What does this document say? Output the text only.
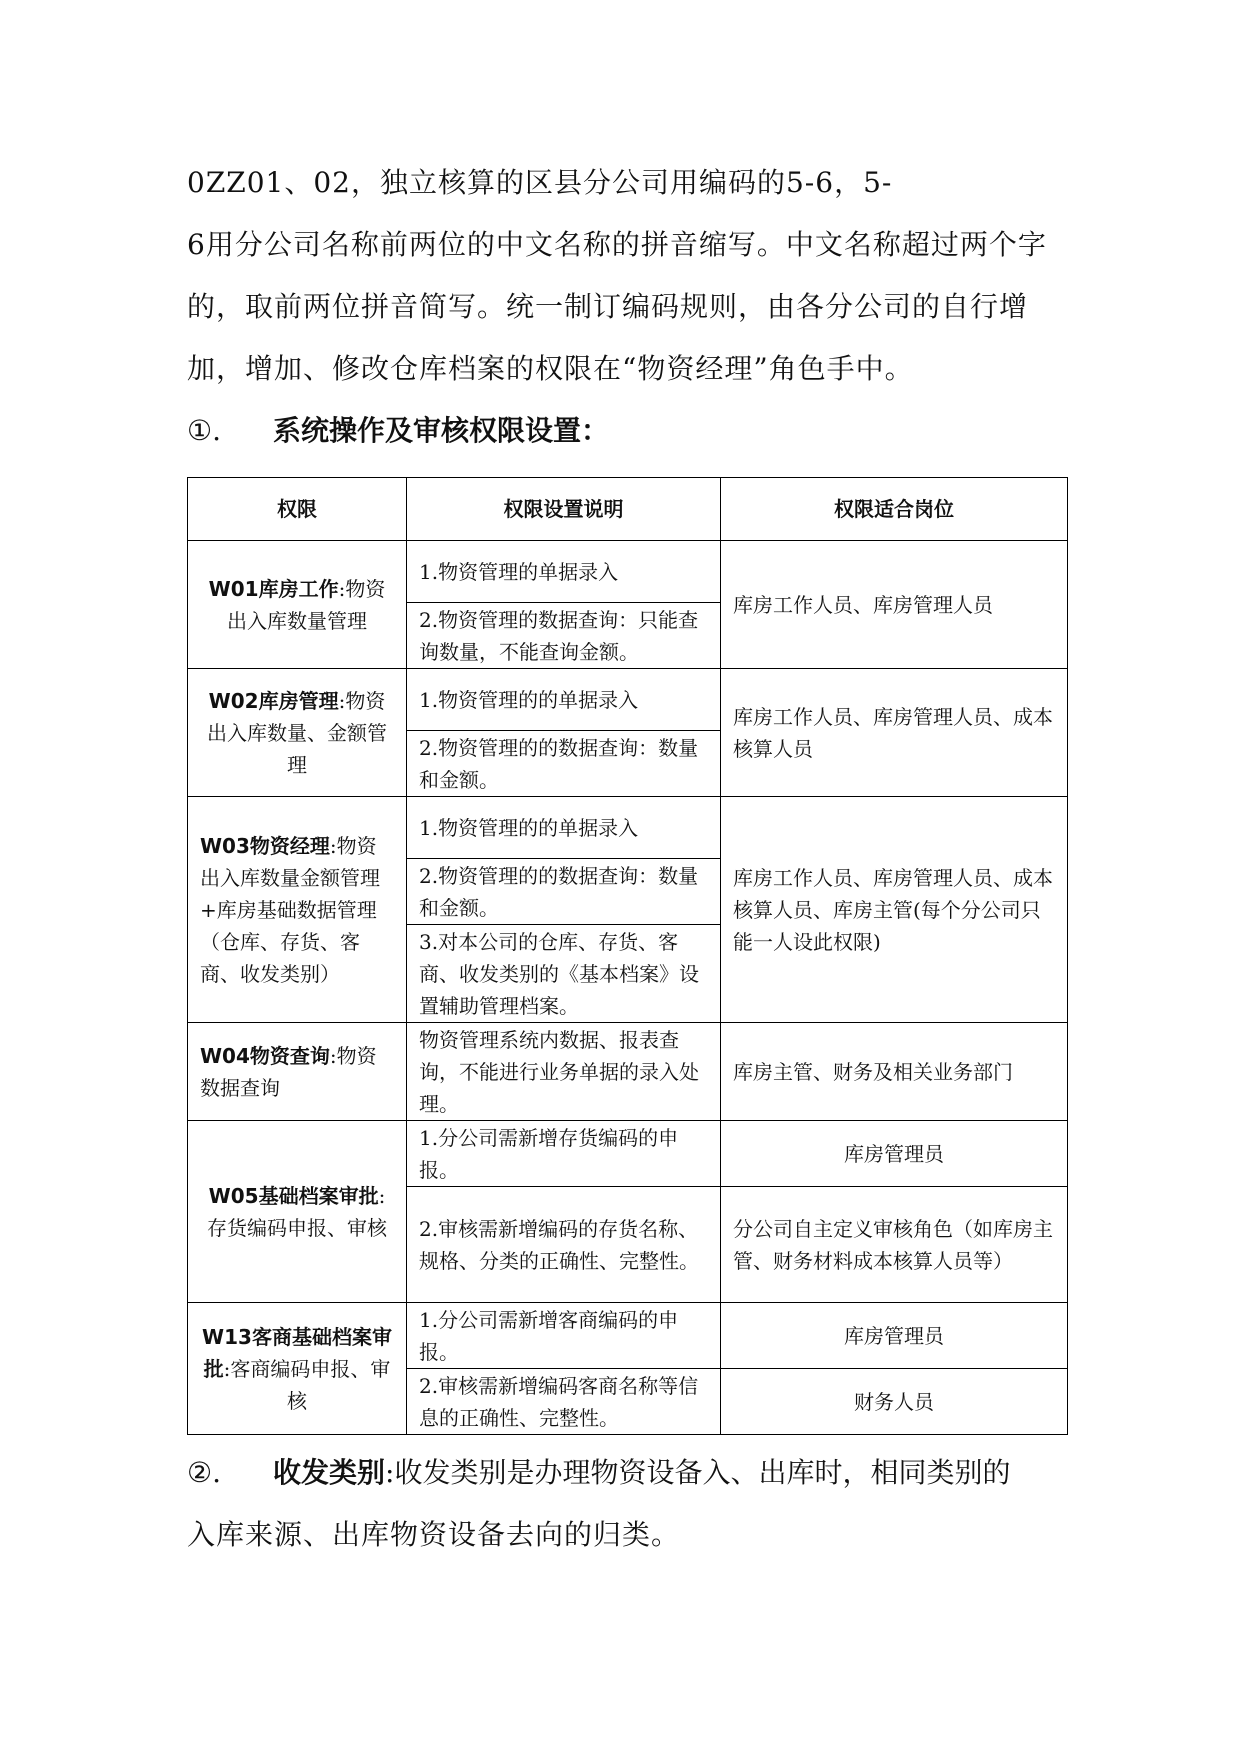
0ZZ01、02，独立核算的区县分公司用编码的5-6，5-
6用分公司名称前两位的中文名称的拼音缩写。中文名称超过两个字
的，取前两位拼音简写。统一制订编码规则，由各分公司的自行增
加，增加、修改仓库档案的权限在“物资经理”角色手中。
①. 系统操作及审核权限设置：
权限	权限设置说明	权限适合岗位
W01库房工作:物资出入库数量管理	1.物资管理的单据录入	库房工作人员、库房管理人员
	2.物资管理的数据查询：只能查询数量，不能查询金额。	
W02库房管理:物资出入库数量、金额管理	1.物资管理的的单据录入	库房工作人员、库房管理人员、成本核算人员
	2.物资管理的的数据查询：数量和金额。	
W03物资经理:物资出入库数量金额管理+库房基础数据管理（仓库、存货、客商、收发类别）	1.物资管理的的单据录入	库房工作人员、库房管理人员、成本核算人员、库房主管(每个分公司只能一人设此权限)
	2.物资管理的的数据查询：数量和金额。	
	3.对本公司的仓库、存货、客商、收发类别的《基本档案》设置辅助管理档案。	
W04物资查询:物资数据查询	物资管理系统内数据、报表查询，不能进行业务单据的录入处理。	库房主管、财务及相关业务部门
W05基础档案审批:存货编码申报、审核	1.分公司需新增存货编码的申报。	库房管理员
	2.审核需新增编码的存货名称、规格、分类的正确性、完整性。	分公司自主定义审核角色（如库房主管、财务材料成本核算人员等）
W13客商基础档案审批:客商编码申报、审核	1.分公司需新增客商编码的申报。	库房管理员
	2.审核需新增编码客商名称等信息的正确性、完整性。	财务人员
②. 收发类别:收发类别是办理物资设备入、出库时，相同类别的
入库来源、出库物资设备去向的归类。
